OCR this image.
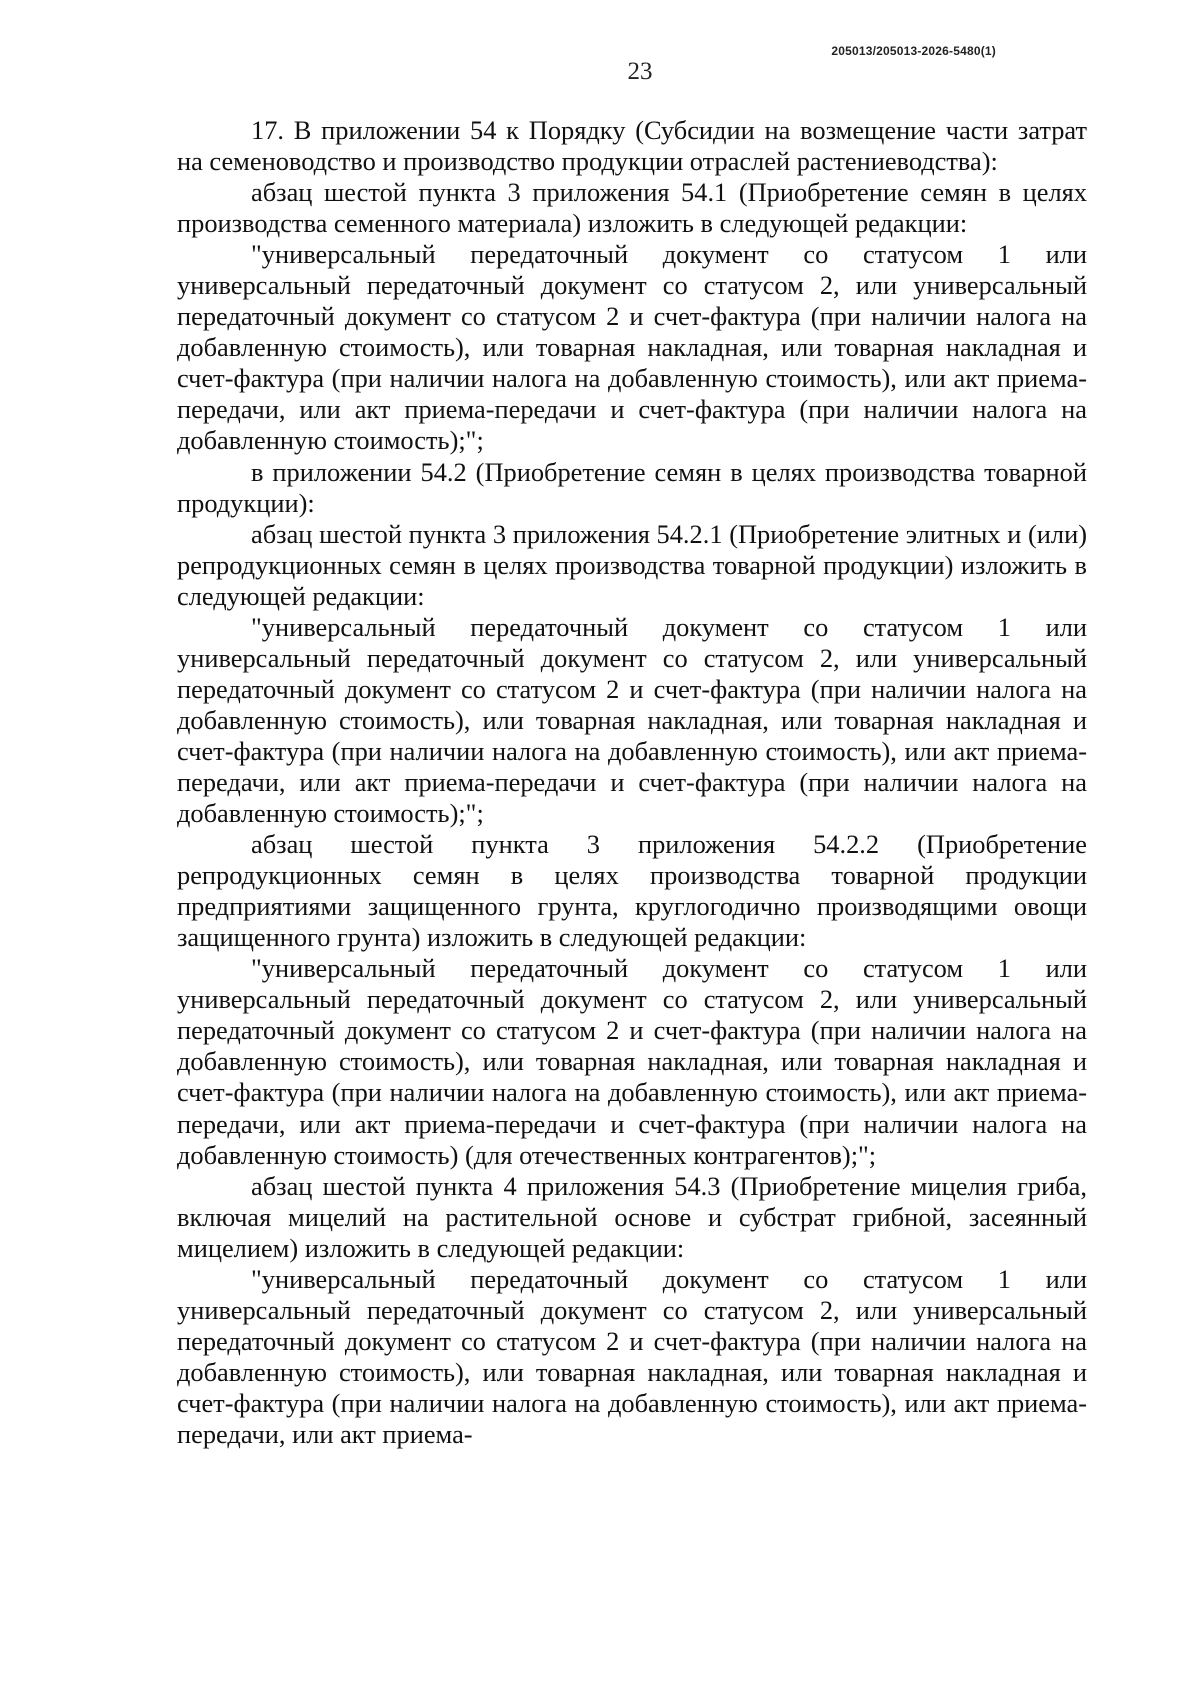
205013/205013-2026-5480(1)
23

17. В приложении 54 к Порядку (Субсидии на возмещение части затрат на семеноводство и производство продукции отраслей растениеводства):

абзац шестой пункта 3 приложения 54.1 (Приобретение семян в целях производства семенного материала) изложить в следующей редакции:

"универсальный передаточный документ со статусом 1 или универсальный передаточный документ со статусом 2, или универсальный передаточный документ со статусом 2 и счет-фактура (при наличии налога на добавленную стоимость), или товарная накладная, или товарная накладная и счет-фактура (при наличии налога на добавленную стоимость), или акт приема-передачи, или акт приема-передачи и счет-фактура (при наличии налога на добавленную стоимость);";

в приложении 54.2 (Приобретение семян в целях производства товарной продукции):

абзац шестой пункта 3 приложения 54.2.1 (Приобретение элитных и (или) репродукционных семян в целях производства товарной продукции) изложить в следующей редакции:

"универсальный передаточный документ со статусом 1 или универсальный передаточный документ со статусом 2, или универсальный передаточный документ со статусом 2 и счет-фактура (при наличии налога на добавленную стоимость), или товарная накладная, или товарная накладная и счет-фактура (при наличии налога на добавленную стоимость), или акт приема-передачи, или акт приема-передачи и счет-фактура (при наличии налога на добавленную стоимость);";

абзац шестой пункта 3 приложения 54.2.2 (Приобретение репродукционных семян в целях производства товарной продукции предприятиями защищенного грунта, круглогодично производящими овощи защищенного грунта) изложить в следующей редакции:

"универсальный передаточный документ со статусом 1 или универсальный передаточный документ со статусом 2, или универсальный передаточный документ со статусом 2 и счет-фактура (при наличии налога на добавленную стоимость), или товарная накладная, или товарная накладная и счет-фактура (при наличии налога на добавленную стоимость), или акт приема-передачи, или акт приема-передачи и счет-фактура (при наличии налога на добавленную стоимость) (для отечественных контрагентов);";

абзац шестой пункта 4 приложения 54.3 (Приобретение мицелия гриба, включая мицелий на растительной основе и субстрат грибной, засеянный мицелием) изложить в следующей редакции:

"универсальный передаточный документ со статусом 1 или универсальный передаточный документ со статусом 2, или универсальный передаточный документ со статусом 2 и счет-фактура (при наличии налога на добавленную стоимость), или товарная накладная, или товарная накладная и счет-фактура (при наличии налога на добавленную стоимость), или акт приема-передачи, или акт приема-
